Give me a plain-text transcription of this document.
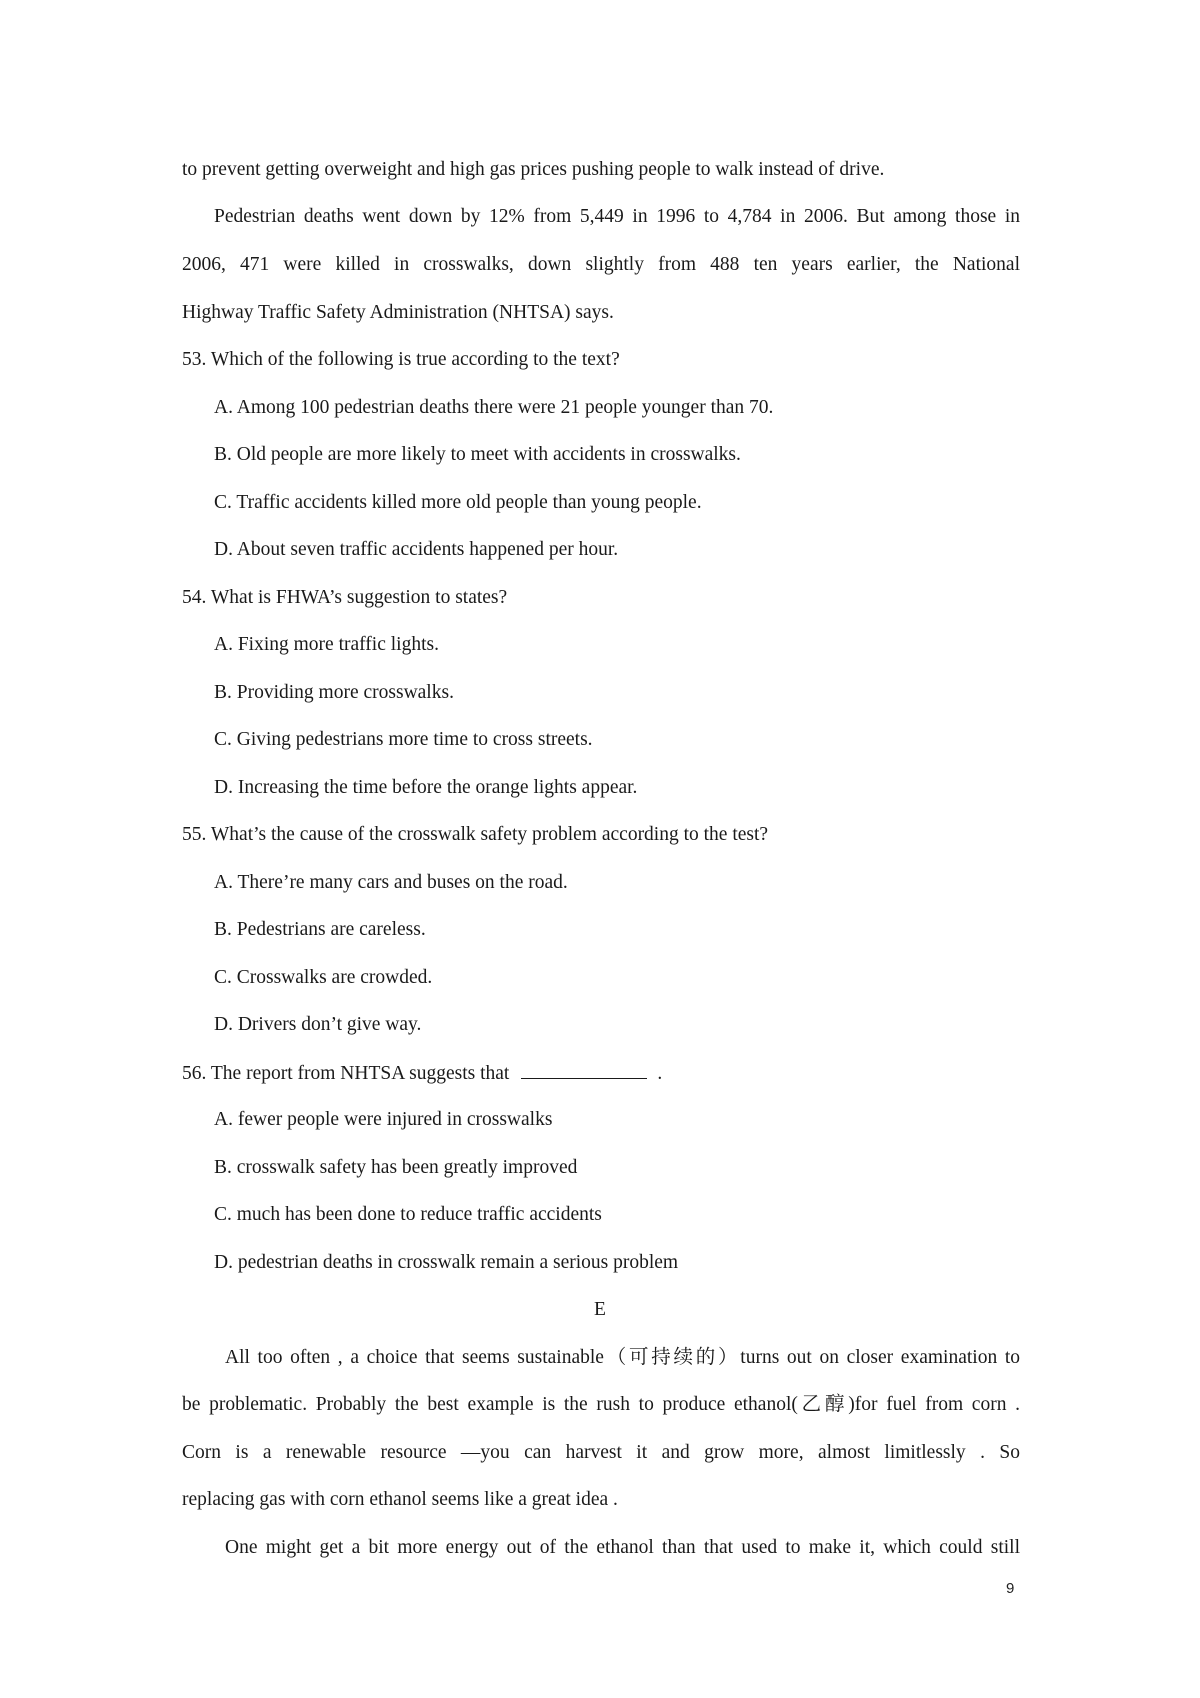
to prevent getting overweight and high gas prices pushing people to walk instead of drive.
Pedestrian deaths went down by 12% from 5,449 in 1996 to 4,784 in 2006. But among those in
2006, 471 were killed in crosswalks, down slightly from 488 ten years earlier, the National
Highway Traffic Safety Administration (NHTSA) says.
53. Which of the following is true according to the text?
A. Among 100 pedestrian deaths there were 21 people younger than 70.
B. Old people are more likely to meet with accidents in crosswalks.
C. Traffic accidents killed more old people than young people.
D. About seven traffic accidents happened per hour.
54. What is FHWA’s suggestion to states?
A. Fixing more traffic lights.
B. Providing more crosswalks.
C. Giving pedestrians more time to cross streets.
D. Increasing the time before the orange lights appear.
55. What’s the cause of the crosswalk safety problem according to the test?
A. There’re many cars and buses on the road.
B. Pedestrians are careless.
C. Crosswalks are crowded.
D. Drivers don’t give way.
56. The report from NHTSA suggests that	.
A. fewer people were injured in crosswalks
B. crosswalk safety has been greatly improved
C. much has been done to reduce traffic accidents
D. pedestrian deaths in crosswalk remain a serious problem
E
All too often , a choice that seems sustainable（可持续的）turns out on closer examination to
be problematic. Probably the best example is the rush to produce ethanol(乙醇)for fuel from corn .
Corn is a renewable resource —you can harvest it and grow more, almost limitlessly . So
replacing gas with corn ethanol seems like a great idea .
One might get a bit more energy out of the ethanol than that used to make it, which could still
9
